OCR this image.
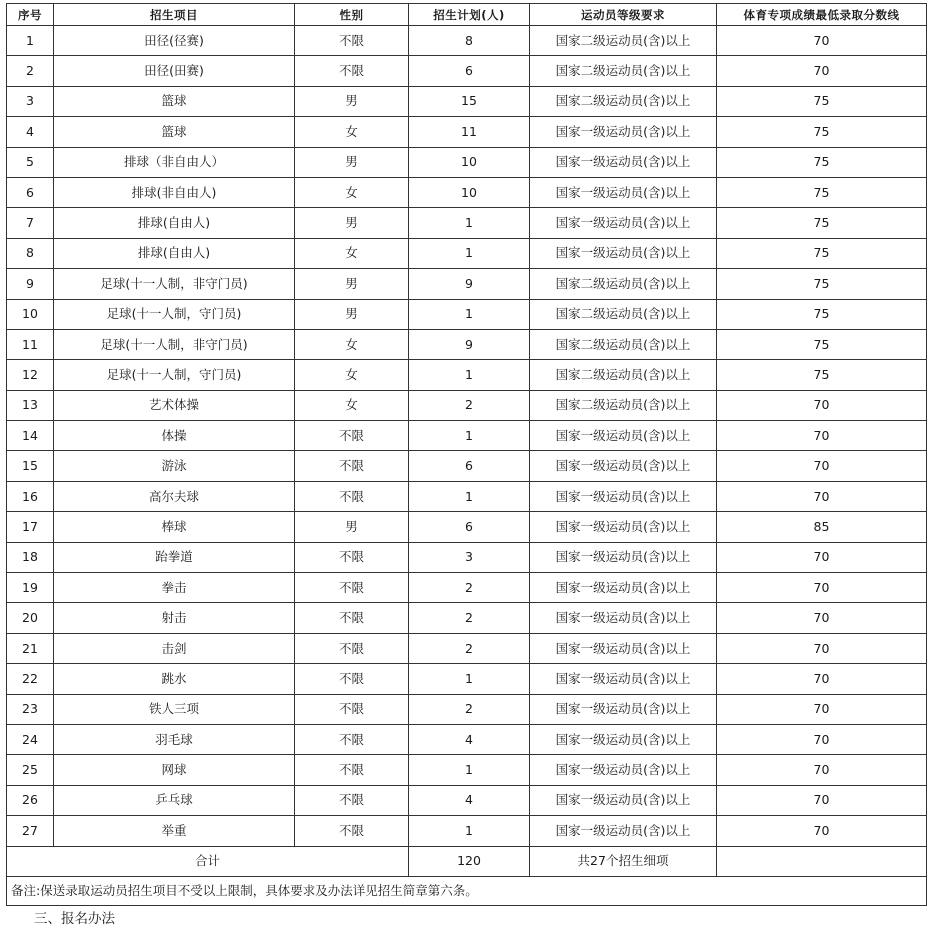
序号	招生项目	性别	招生计划(人)	运动员等级要求	体育专项成绩最低录取分数线
1	田径(径赛)	不限	8	国家二级运动员(含)以上	70
2	田径(田赛)	不限	6	国家二级运动员(含)以上	70
3	篮球	男	15	国家二级运动员(含)以上	75
4	篮球	女	11	国家一级运动员(含)以上	75
5	排球（非自由人）	男	10	国家一级运动员(含)以上	75
6	排球(非自由人)	女	10	国家一级运动员(含)以上	75
7	排球(自由人)	男	1	国家一级运动员(含)以上	75
8	排球(自由人)	女	1	国家一级运动员(含)以上	75
9	足球(十一人制，非守门员)	男	9	国家二级运动员(含)以上	75
10	足球(十一人制，守门员)	男	1	国家二级运动员(含)以上	75
11	足球(十一人制，非守门员)	女	9	国家二级运动员(含)以上	75
12	足球(十一人制，守门员)	女	1	国家二级运动员(含)以上	75
13	艺术体操	女	2	国家二级运动员(含)以上	70
14	体操	不限	1	国家一级运动员(含)以上	70
15	游泳	不限	6	国家一级运动员(含)以上	70
16	高尔夫球	不限	1	国家一级运动员(含)以上	70
17	棒球	男	6	国家一级运动员(含)以上	85
18	跆拳道	不限	3	国家一级运动员(含)以上	70
19	拳击	不限	2	国家一级运动员(含)以上	70
20	射击	不限	2	国家一级运动员(含)以上	70
21	击剑	不限	2	国家一级运动员(含)以上	70
22	跳水	不限	1	国家一级运动员(含)以上	70
23	铁人三项	不限	2	国家一级运动员(含)以上	70
24	羽毛球	不限	4	国家一级运动员(含)以上	70
25	网球	不限	1	国家一级运动员(含)以上	70
26	乒乓球	不限	4	国家一级运动员(含)以上	70
27	举重	不限	1	国家一级运动员(含)以上	70
合计			120	共27个招生细项	
备注:保送录取运动员招生项目不受以上限制，具体要求及办法详见招生简章第六条。					
三、报名办法
